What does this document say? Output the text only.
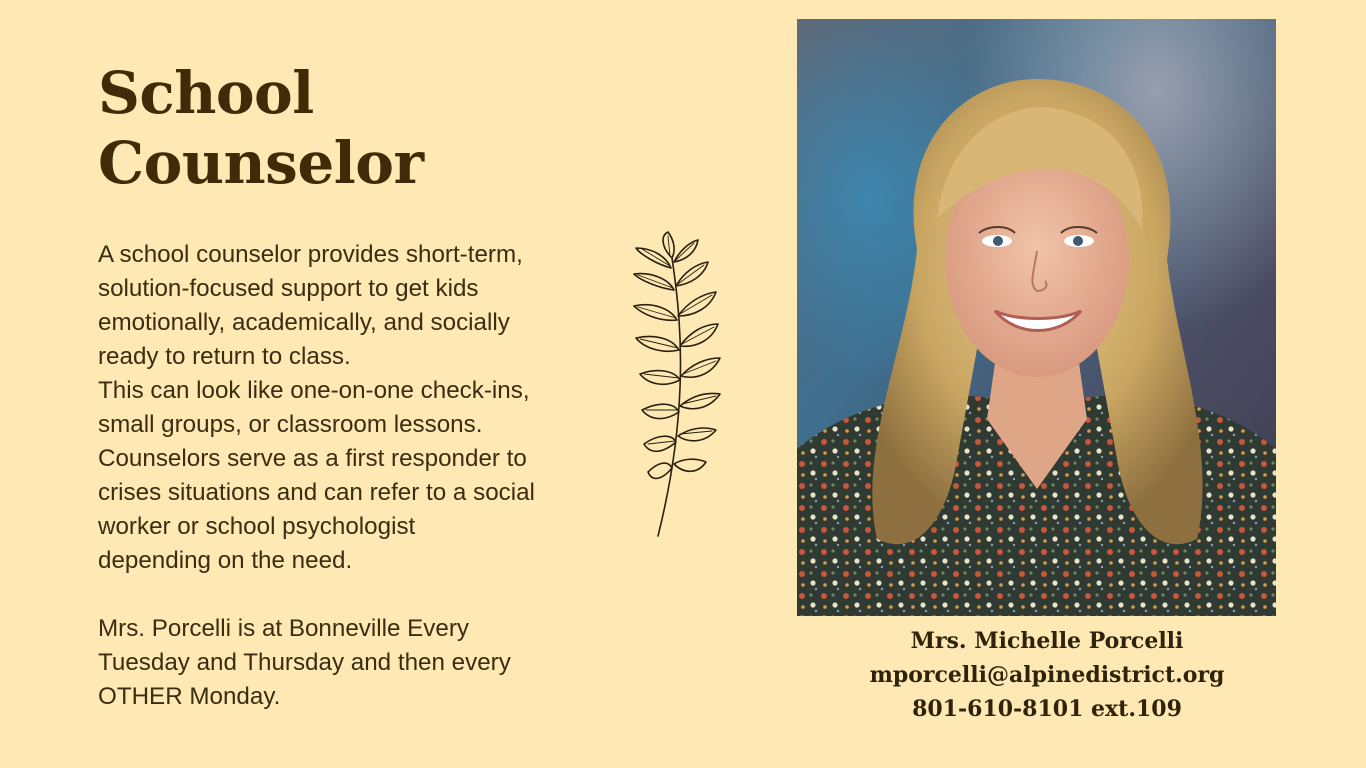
School
Counselor

A school counselor provides short-term,
solution-focused support to get kids
emotionally, academically, and socially
ready to return to class.
This can look like one-on-one check-ins,
small groups, or classroom lessons.
Counselors serve as a first responder to
crises situations and can refer to a social
worker or school psychologist
depending on the need.

Mrs. Porcelli is at Bonneville Every
Tuesday and Thursday and then every
OTHER Monday.

Mrs. Michelle Porcelli
mporcelli@alpinedistrict.org
801-610-8101 ext.109
